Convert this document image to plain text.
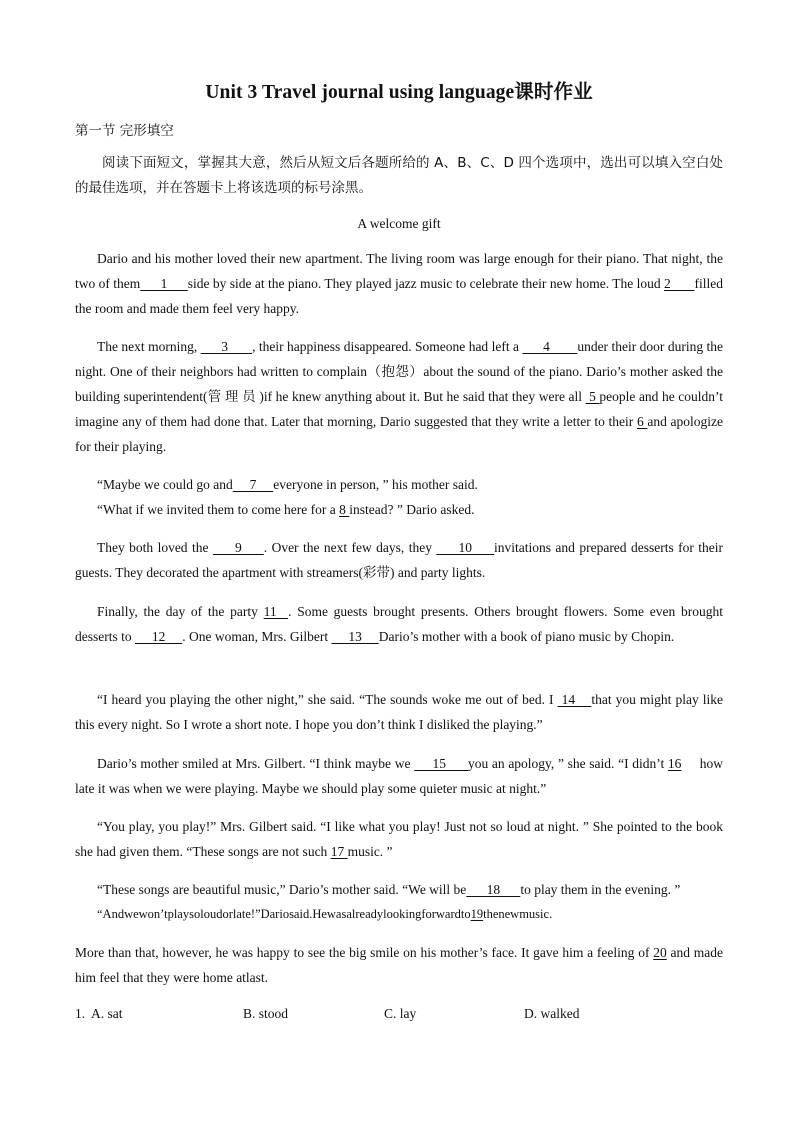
Unit 3 Travel journal using language课时作业
第一节 完形填空
阅读下面短文，掌握其大意，然后从短文后各题所给的 A、B、C、D 四个选项中，选出可以填入空白处的最佳选项，并在答题卡上将该选项的标号涂黑。
A welcome gift
Dario and his mother loved their new apartment. The living room was large enough for their piano. That night, the two of them      1      side by side at the piano. They played jazz music to celebrate their new home. The loud 2       filled the room and made them feel very happy.
The next morning,       3       , their happiness disappeared. Someone had left a       4        under their door during the night. One of their neighbors had written to complain（抱怨）about the sound of the piano. Dario’s mother asked the building superintendent(管 理 员 )if he knew anything about it. But he said that they were all  5 people and he couldn’t imagine any of them had done that. Later that morning, Dario suggested that they write a letter to their 6 and apologize for their playing.
“Maybe we could go and     7     everyone in person, ” his mother said.
“What if we invited them to come here for a 8 instead? ” Dario asked.
They both loved the      9     . Over the next few days, they      10     invitations and prepared desserts for their guests. They decorated the apartment with streamers(彩带) and party lights.
Finally, the day of the party 11  . Some guests brought presents. Others brought flowers. Some even brought desserts to      12     . One woman, Mrs. Gilbert      13     Dario’s mother with a book of piano music by Chopin.
“I heard you playing the other night,” she said. “The sounds woke me out of bed. I  14    that you might play like this every night. So I wrote a short note. I hope you don’t think I disliked the playing.”
Dario’s mother smiled at Mrs. Gilbert. “I think maybe we      15      you an apology, ” she said. “I didn’t 16     how late it was when we were playing. Maybe we should play some quieter music at night.”
“You play, you play!” Mrs. Gilbert said. “I like what you play! Just not so loud at night. ” She pointed to the book she had given them. “These songs are not such 17 music. ”
“These songs are beautiful music,” Dario’s mother said. “We will be      18      to play them in the evening. ”
“Andwewon’tplaysoloudorlate!”Dariosaid.Hewasalreadylookingforwardto19thenewmusic.
More than that, however, he was happy to see the big smile on his mother’s face. It gave him a feeling of 20 and made him feel that they were home atlast.
1. A. sat	B. stood	C. lay	D. walked
